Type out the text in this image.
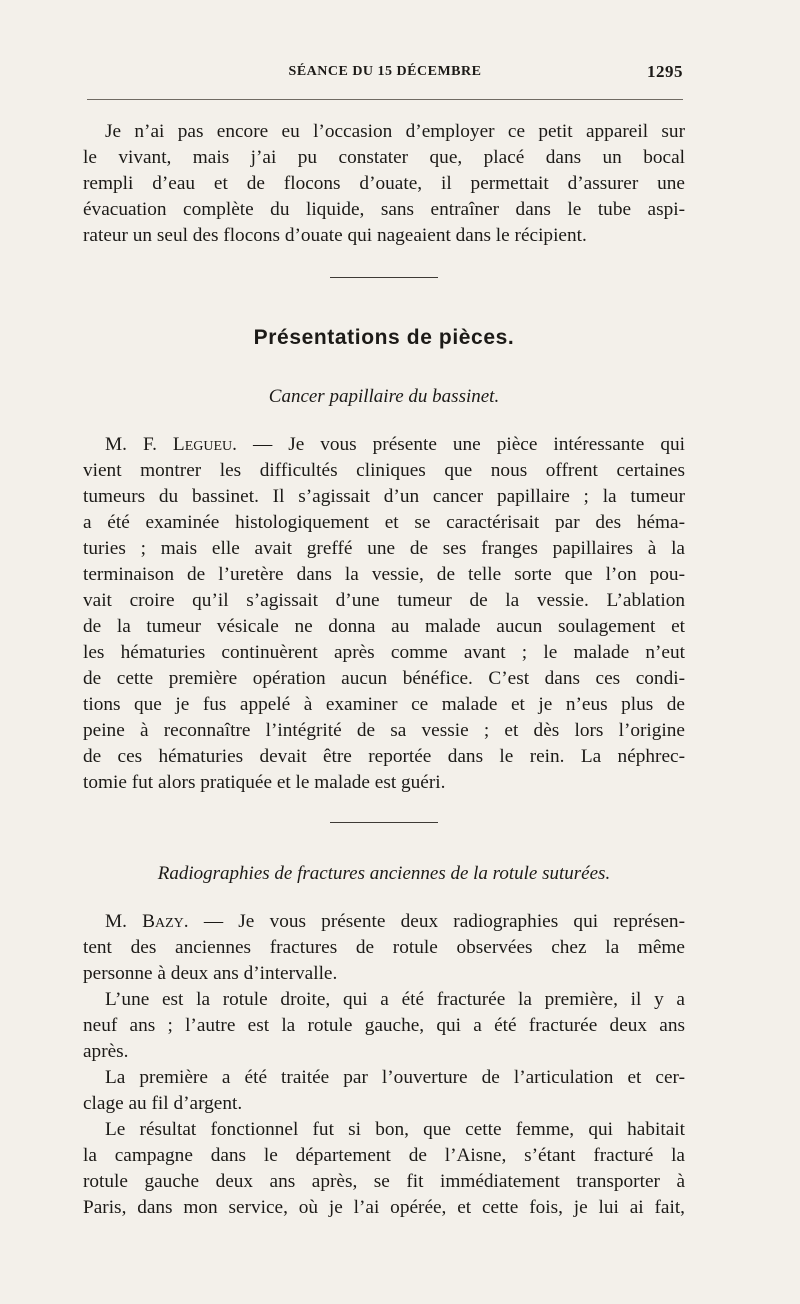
SÉANCE DU 15 DÉCEMBRE	1295

Je n’ai pas encore eu l’occasion d’employer ce petit appareil sur
le vivant, mais j’ai pu constater que, placé dans un bocal
rempli d’eau et de flocons d’ouate, il permettait d’assurer une
évacuation complète du liquide, sans entraîner dans le tube aspi-
rateur un seul des flocons d’ouate qui nageaient dans le récipient.

Présentations de pièces.
Cancer papillaire du bassinet.

M. F. Legueu. — Je vous présente une pièce intéressante qui
vient montrer les difficultés cliniques que nous offrent certaines
tumeurs du bassinet. Il s’agissait d’un cancer papillaire ; la tumeur
a été examinée histologiquement et se caractérisait par des héma-
turies ; mais elle avait greffé une de ses franges papillaires à la
terminaison de l’uretère dans la vessie, de telle sorte que l’on pou-
vait croire qu’il s’agissait d’une tumeur de la vessie. L’ablation
de la tumeur vésicale ne donna au malade aucun soulagement et
les hématuries continuèrent après comme avant ; le malade n’eut
de cette première opération aucun bénéfice. C’est dans ces condi-
tions que je fus appelé à examiner ce malade et je n’eus plus de
peine à reconnaître l’intégrité de sa vessie ; et dès lors l’origine
de ces hématuries devait être reportée dans le rein. La néphrec-
tomie fut alors pratiquée et le malade est guéri.

Radiographies de fractures anciennes de la rotule suturées.
M. Bazy. — Je vous présente deux radiographies qui représen-
tent des anciennes fractures de rotule observées chez la même
personne à deux ans d’intervalle.
L’une est la rotule droite, qui a été fracturée la première, il y a
neuf ans ; l’autre est la rotule gauche, qui a été fracturée deux ans
après.
La première a été traitée par l’ouverture de l’articulation et cer-
clage au fil d’argent.
Le résultat fonctionnel fut si bon, que cette femme, qui habitait
la campagne dans le département de l’Aisne, s’étant fracturé la
rotule gauche deux ans après, se fit immédiatement transporter à
Paris, dans mon service, où je l’ai opérée, et cette fois, je lui ai fait,
